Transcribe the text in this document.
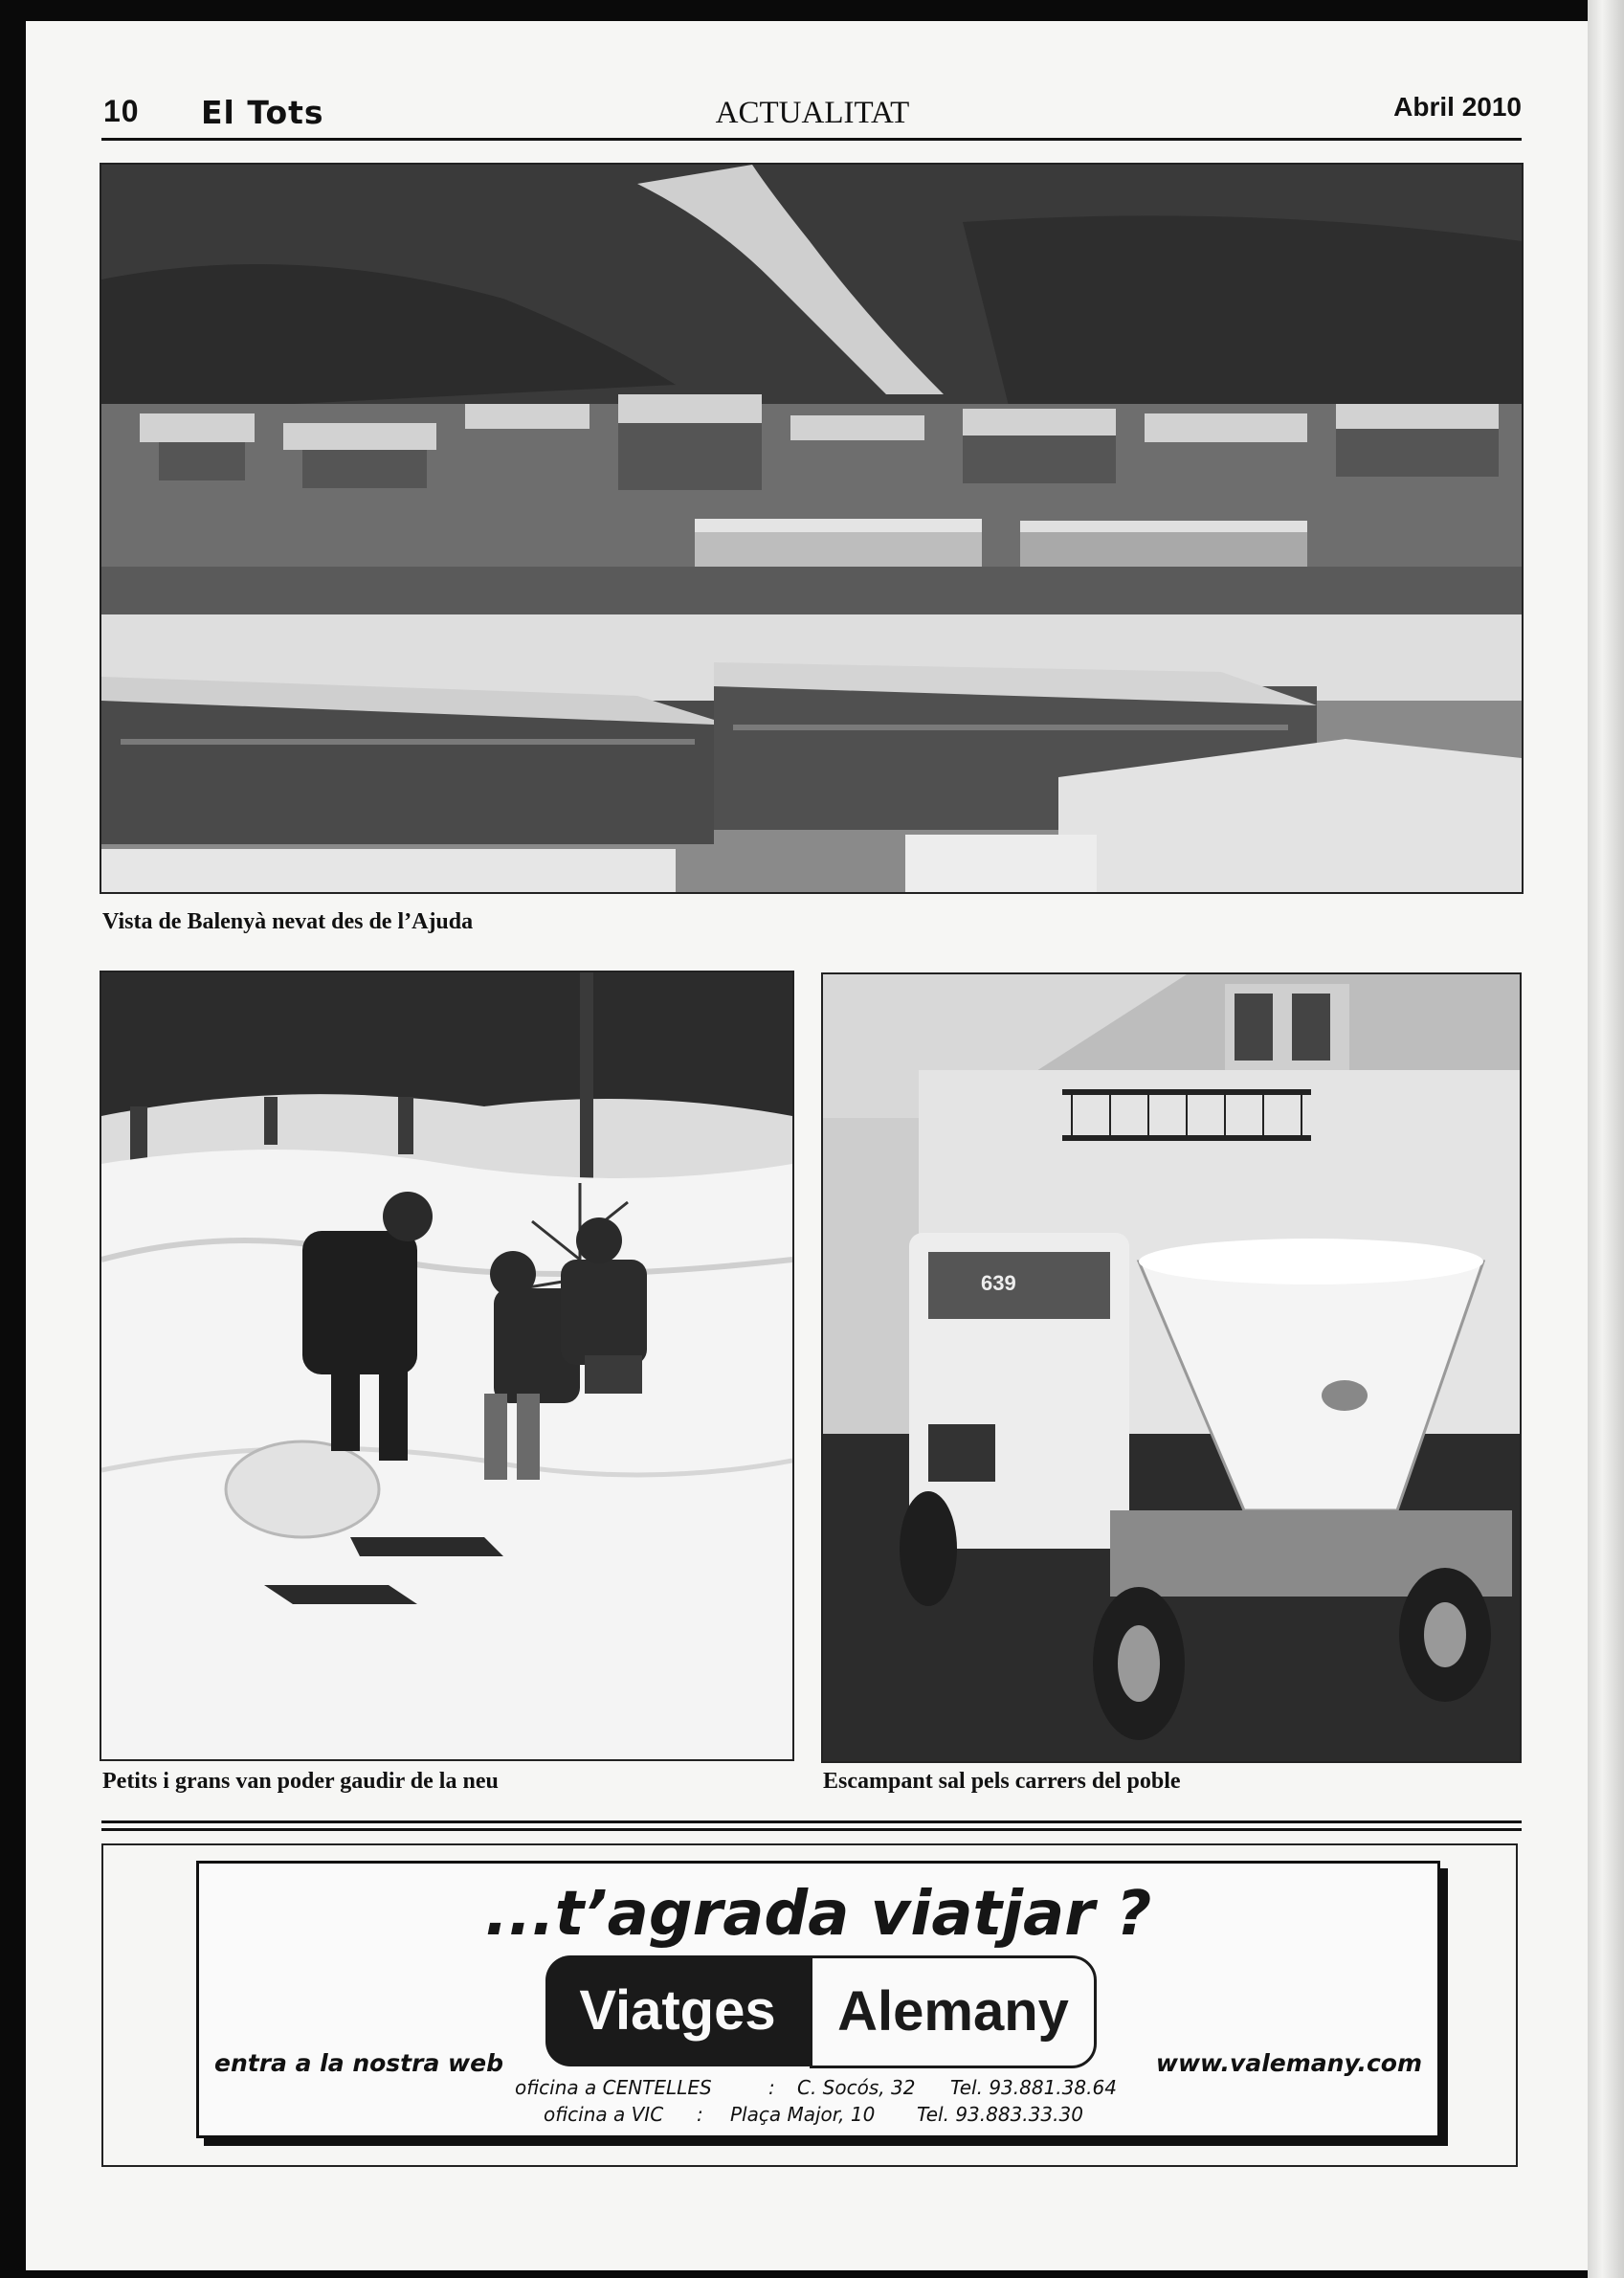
10 El Tots	ACTUALITAT	Abril 2010
Vista de Balenyà nevat des de l’Ajuda
Petits i grans van poder gaudir de la neu
639
Escampant sal pels carrers del poble
...t’agrada viatjar ?
Viatges	Alemany
entra a la nostra web	www.valemany.com
oficina a CENTELLES	: C. Socós, 32 Tel. 93.881.38.64
oficina a VIC : Plaça Major, 10 Tel. 93.883.33.30
